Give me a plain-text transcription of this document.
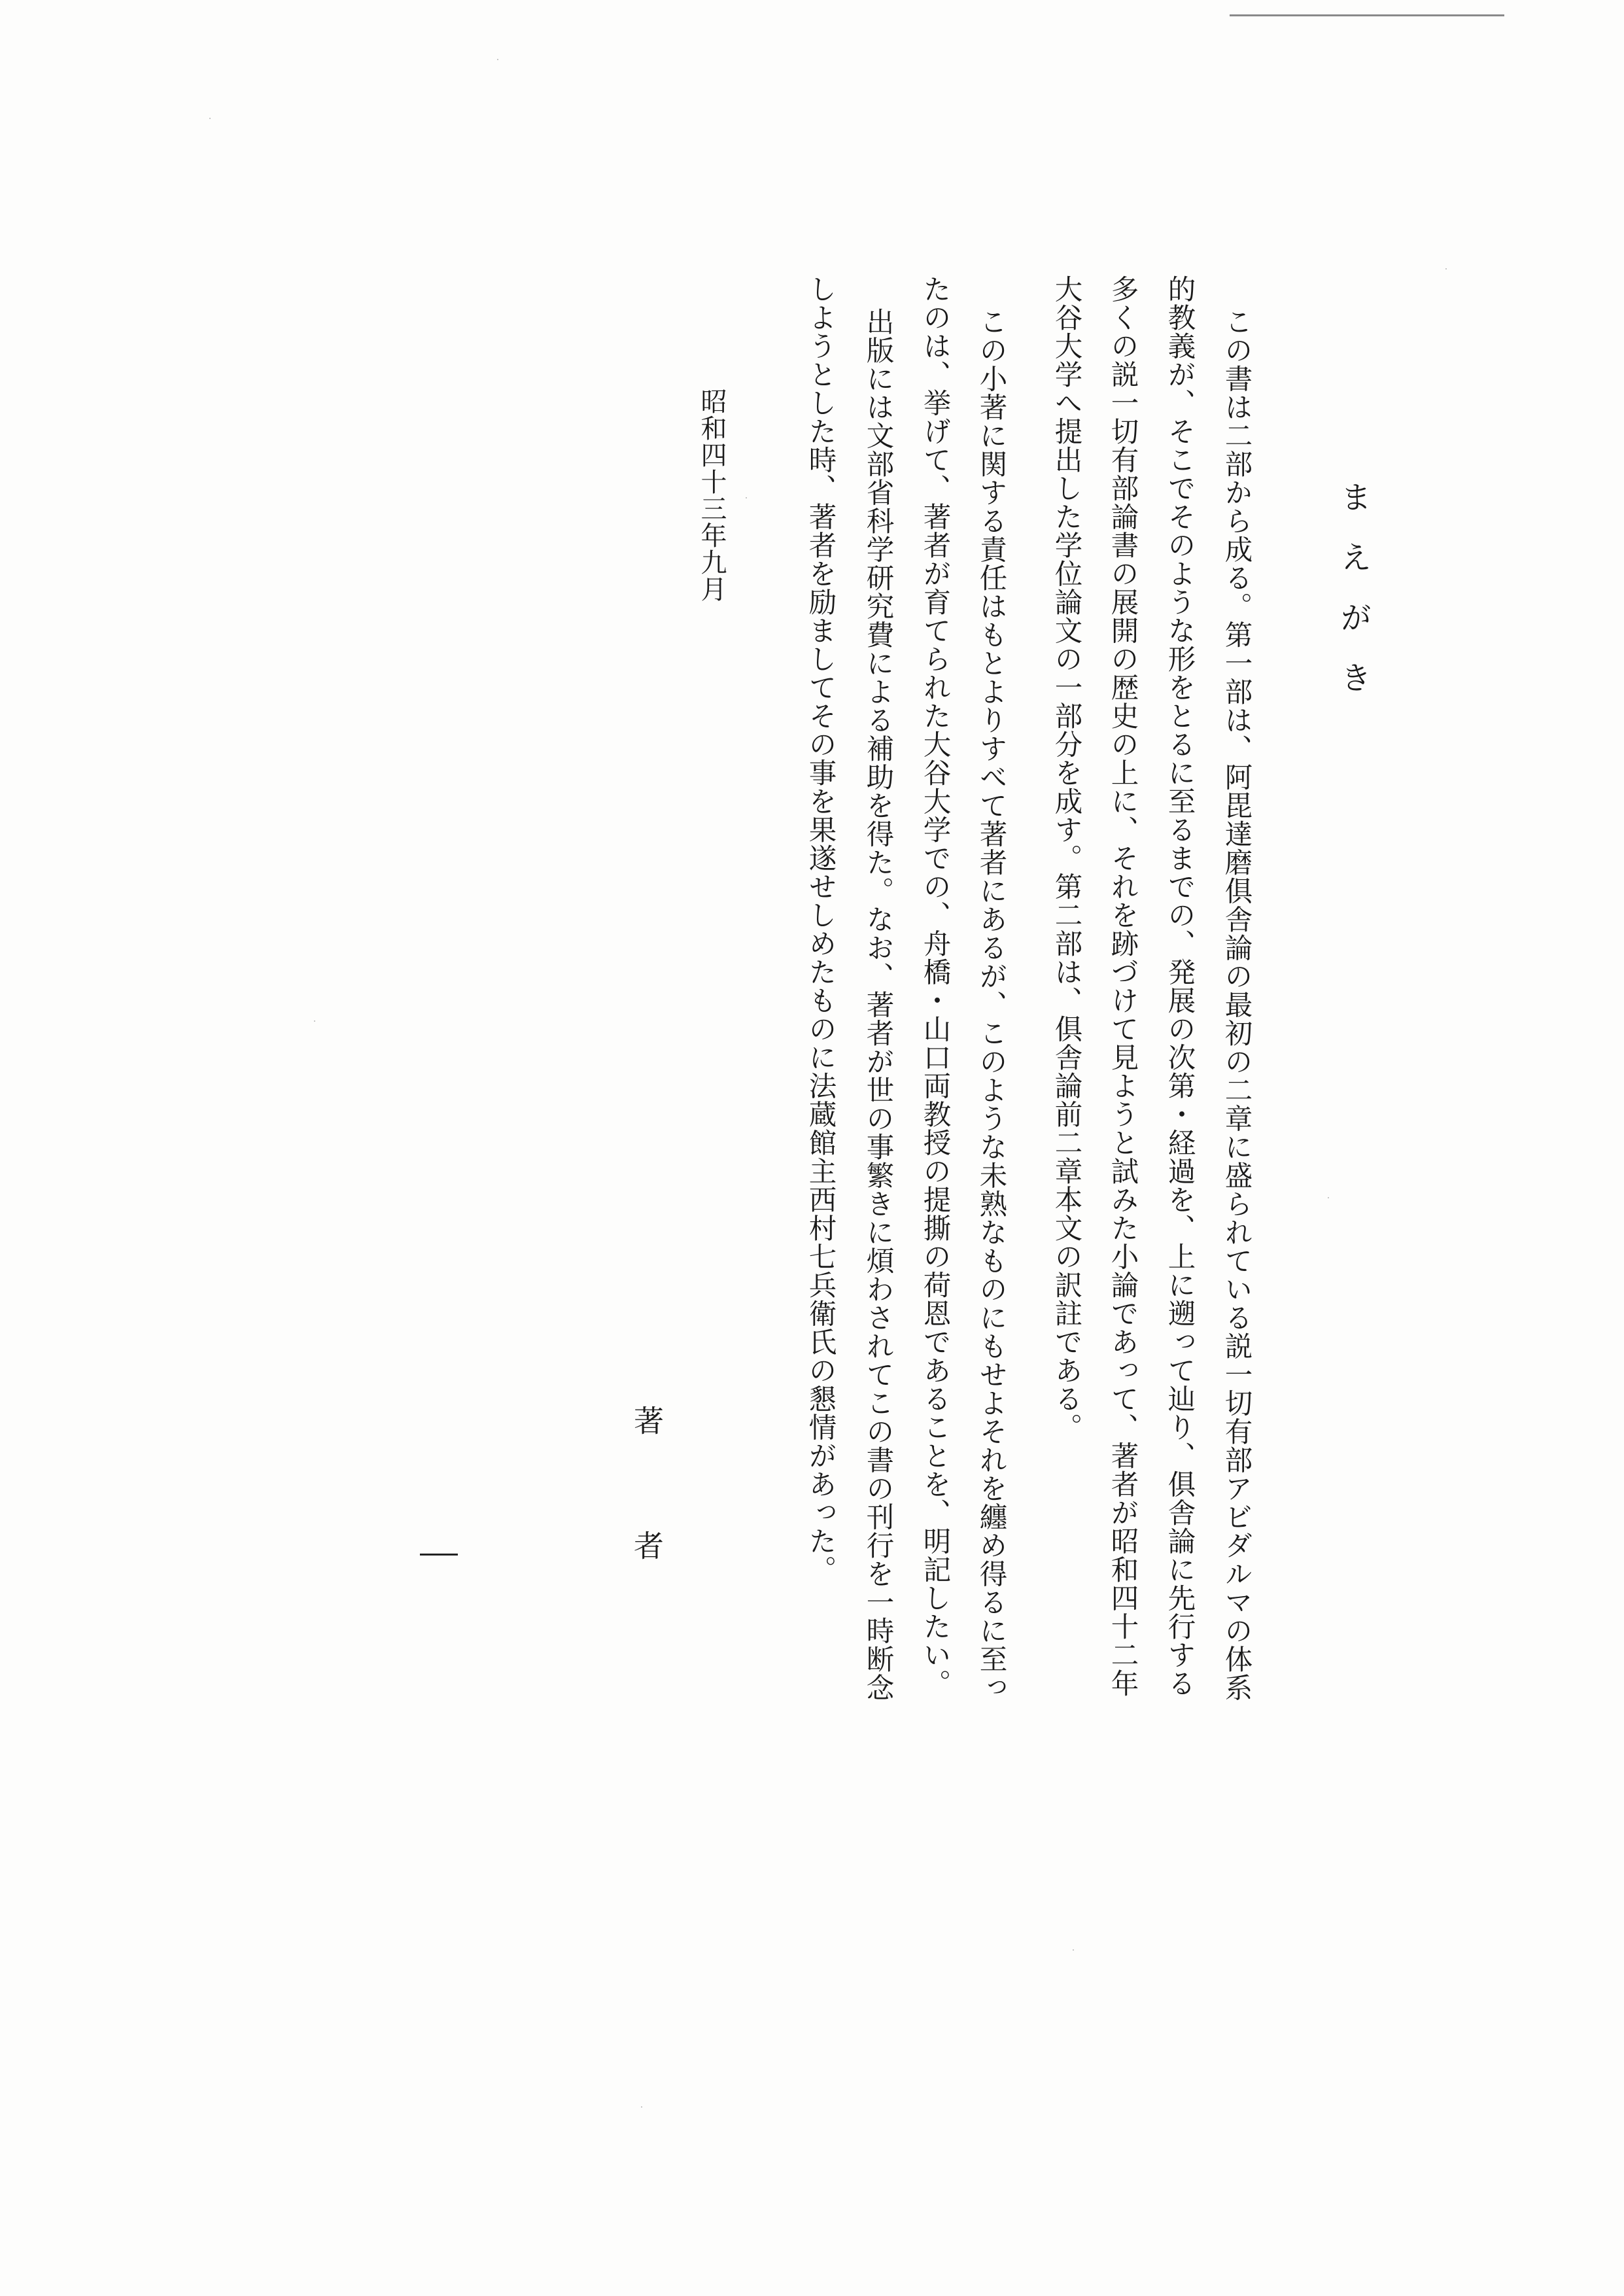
まえがき
この書は二部から成る。第一部は、阿毘達磨俱舎論の最初の二章に盛られている説一切有部アビダルマの体系
的教義が、そこでそのような形をとるに至るまでの、発展の次第・経過を、上に遡って辿り、俱舎論に先行する
多くの説一切有部論書の展開の歴史の上に、それを跡づけて見ようと試みた小論であって、著者が昭和四十二年
大谷大学へ提出した学位論文の一部分を成す。第二部は、俱舎論前二章本文の訳註である。
この小著に関する責任はもとよりすべて著者にあるが、このような未熟なものにもせよそれを纏め得るに至っ
たのは、挙げて、著者が育てられた大谷大学での、舟橋・山口両教授の提撕の荷恩であることを、明記したい。
出版には文部省科学研究費による補助を得た。なお、著者が世の事繁きに煩わされてこの書の刊行を一時断念
しようとした時、著者を励ましてその事を果遂せしめたものに法蔵館主西村七兵衛氏の懇情があった。
昭和四十三年九月
著者
